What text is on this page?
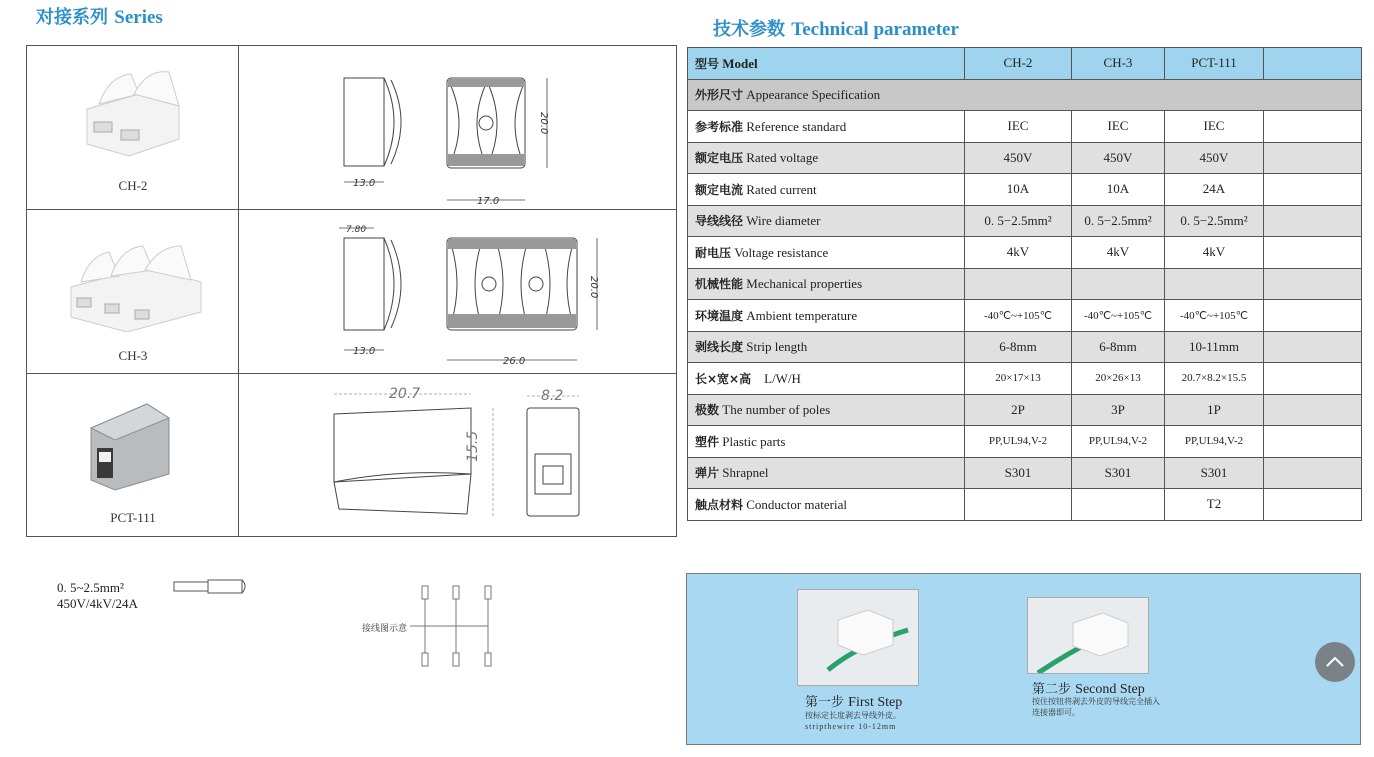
对接系列 Series
技术参数 Technical parameter
CH-2	13.0
17.0
20.0
CH-3
7.80
13.0
26.0
20.0
PCT-111
20.7	8.2
15.5
型号 Model	CH-2	CH-3	PCT-111	
外形尺寸 Appearance Specification				
参考标准 Reference standard	IEC	IEC	IEC	
额定电压 Rated voltage	450V	450V	450V	
额定电流 Rated current	10A	10A	24A	
导线线径 Wire diameter	0. 5−2.5mm²	0. 5−2.5mm²	0. 5−2.5mm²	
耐电压 Voltage resistance	4kV	4kV	4kV	
机械性能 Mechanical properties				
环境温度 Ambient temperature	-40℃~+105℃	-40℃~+105℃	-40℃~+105℃	
剥线长度 Strip length	6-8mm	6-8mm	10-11mm	
长×宽×高  L/W/H	20×17×13	20×26×13	20.7×8.2×15.5	
极数 The number of poles	2P	3P	1P	
塑件 Plastic parts	PP,UL94,V-2	PP,UL94,V-2	PP,UL94,V-2	
弹片 Shrapnel	S301	S301	S301	
触点材料 Conductor material			T2	
0. 5~2.5mm²
450V/4kV/24A
接线图示意
第一步 First Step
按标定长度剥去导线外皮。
stripthewire 10-12mm
第二步 Second Step
按住按钮将剥去外皮的导线完全插入
连接器即可。
